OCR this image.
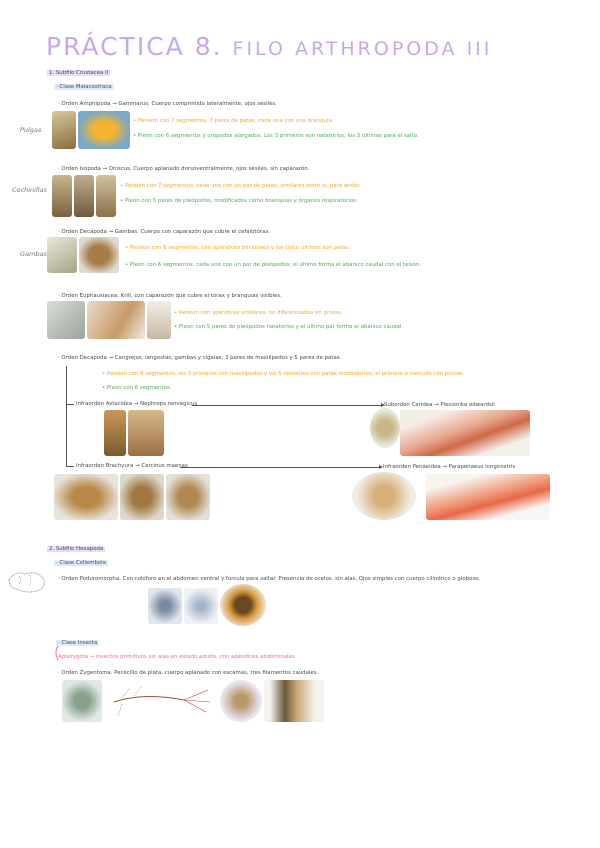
PRÁCTICA 8. FILO ARTHROPODA III
1. Subfilo Crustacea II
· Clase Malacostraca
Pulgas
· Orden Amphipoda → Gammarus. Cuerpo comprimido lateralmente, ojos sésiles.
• Pereion con 7 segmentos, 7 pares de patas, cada una con una branquia.
• Pleon con 6 segmentos y urópodos alargados. Los 3 primeros son natatorios, los 3 últimos para el salto.
Cochinillas
· Orden Isopoda → Oniscus. Cuerpo aplanado dorsoventralmente, ojos sésiles, sin caparazón.
• Pereion con 7 segmentos, cada uno con un par de patas, similares entre sí, para andar.
• Pleon con 5 pares de pleópodos, modificados como branquias y órganos respiratorios.
Gambas
· Orden Decapoda → Gambas. Cuerpo con caparazón que cubre el cefalotórax.
• Pereion con 8 segmentos, con apéndices birrámeos y los cinco últimos son patas.
• Pleon con 6 segmentos, cada uno con un par de pleópodos; el último forma el abanico caudal con el telson.
· Orden Euphausiacea. Krill, con caparazón que cubre el tórax y branquias visibles.
• Pereion con apéndices similares, no diferenciados en pinzas.
• Pleon con 5 pares de pleópodos natatorios y el último par forma el abanico caudal.
· Orden Decapoda → Cangrejos, langostas, gambas y cigalas; 3 pares de maxilípedos y 5 pares de patas.
• Pereion con 8 segmentos, los 3 primeros con maxilípedos y los 5 restantes con patas locomotoras, el primero a menudo con pinzas.
• Pleon con 6 segmentos.
Infraorden Astacidea → Nephrops norvegicus	Suborden Caridea → Plesionika edwardsii
Infraorden Brachyura → Carcinus maenas	Infraorden Penaeidea → Parapenaeus longirostris
2. Subfilo Hexapoda
· Clase Collembola
· Orden Poduromorpha. Con colóforo en el abdomen ventral y fúrcula para saltar. Presencia de ocelos, sin alas. Ojos simples con cuerpo cilíndrico o globoso.
· Clase Insecta
Apterygota → Insectos primitivos sin alas en estado adulto, con apéndices abdominales.
· Orden Zygentoma. Pececillo de plata, cuerpo aplanado con escamas, tres filamentos caudales.
